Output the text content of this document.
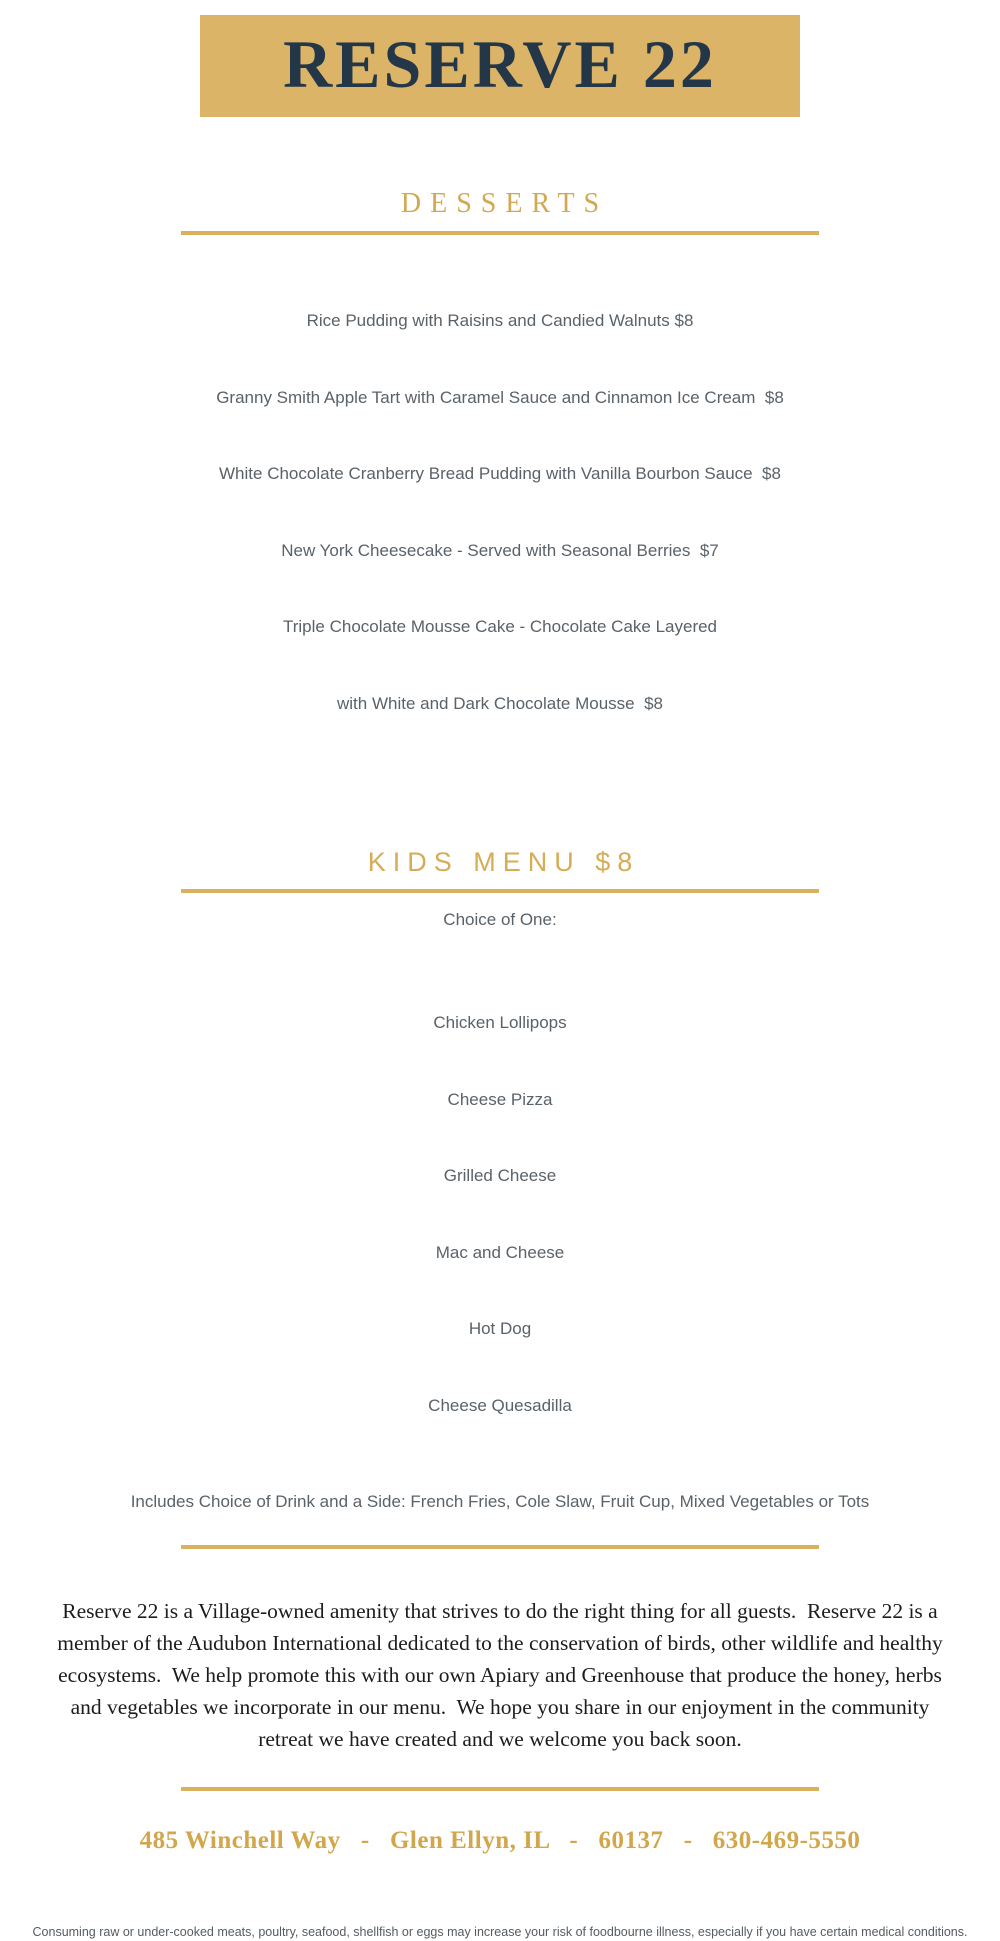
RESERVE 22
DESSERTS

Rice Pudding with Raisins and Candied Walnuts $8

Granny Smith Apple Tart with Caramel Sauce and Cinnamon Ice Cream  $8

White Chocolate Cranberry Bread Pudding with Vanilla Bourbon Sauce  $8

New York Cheesecake - Served with Seasonal Berries  $7

Triple Chocolate Mousse Cake - Chocolate Cake Layered

with White and Dark Chocolate Mousse  $8

KIDS MENU $8
Choice of One:

Chicken Lollipops

Cheese Pizza

Grilled Cheese

Mac and Cheese

Hot Dog

Cheese Quesadilla

Includes Choice of Drink and a Side: French Fries, Cole Slaw, Fruit Cup, Mixed Vegetables or Tots
Reserve 22 is a Village-owned amenity that strives to do the right thing for all guests.  Reserve 22 is a member of the Audubon International dedicated to the conservation of birds, other wildlife and healthy ecosystems.  We help promote this with our own Apiary and Greenhouse that produce the honey, herbs and vegetables we incorporate in our menu.  We hope you share in our enjoyment in the community retreat we have created and we welcome you back soon.
485 Winchell Way   -   Glen Ellyn, IL   -   60137   -   630-469-5550
Consuming raw or under-cooked meats, poultry, seafood, shellfish or eggs may increase your risk of foodbourne illness, especially if you have certain medical conditions.
